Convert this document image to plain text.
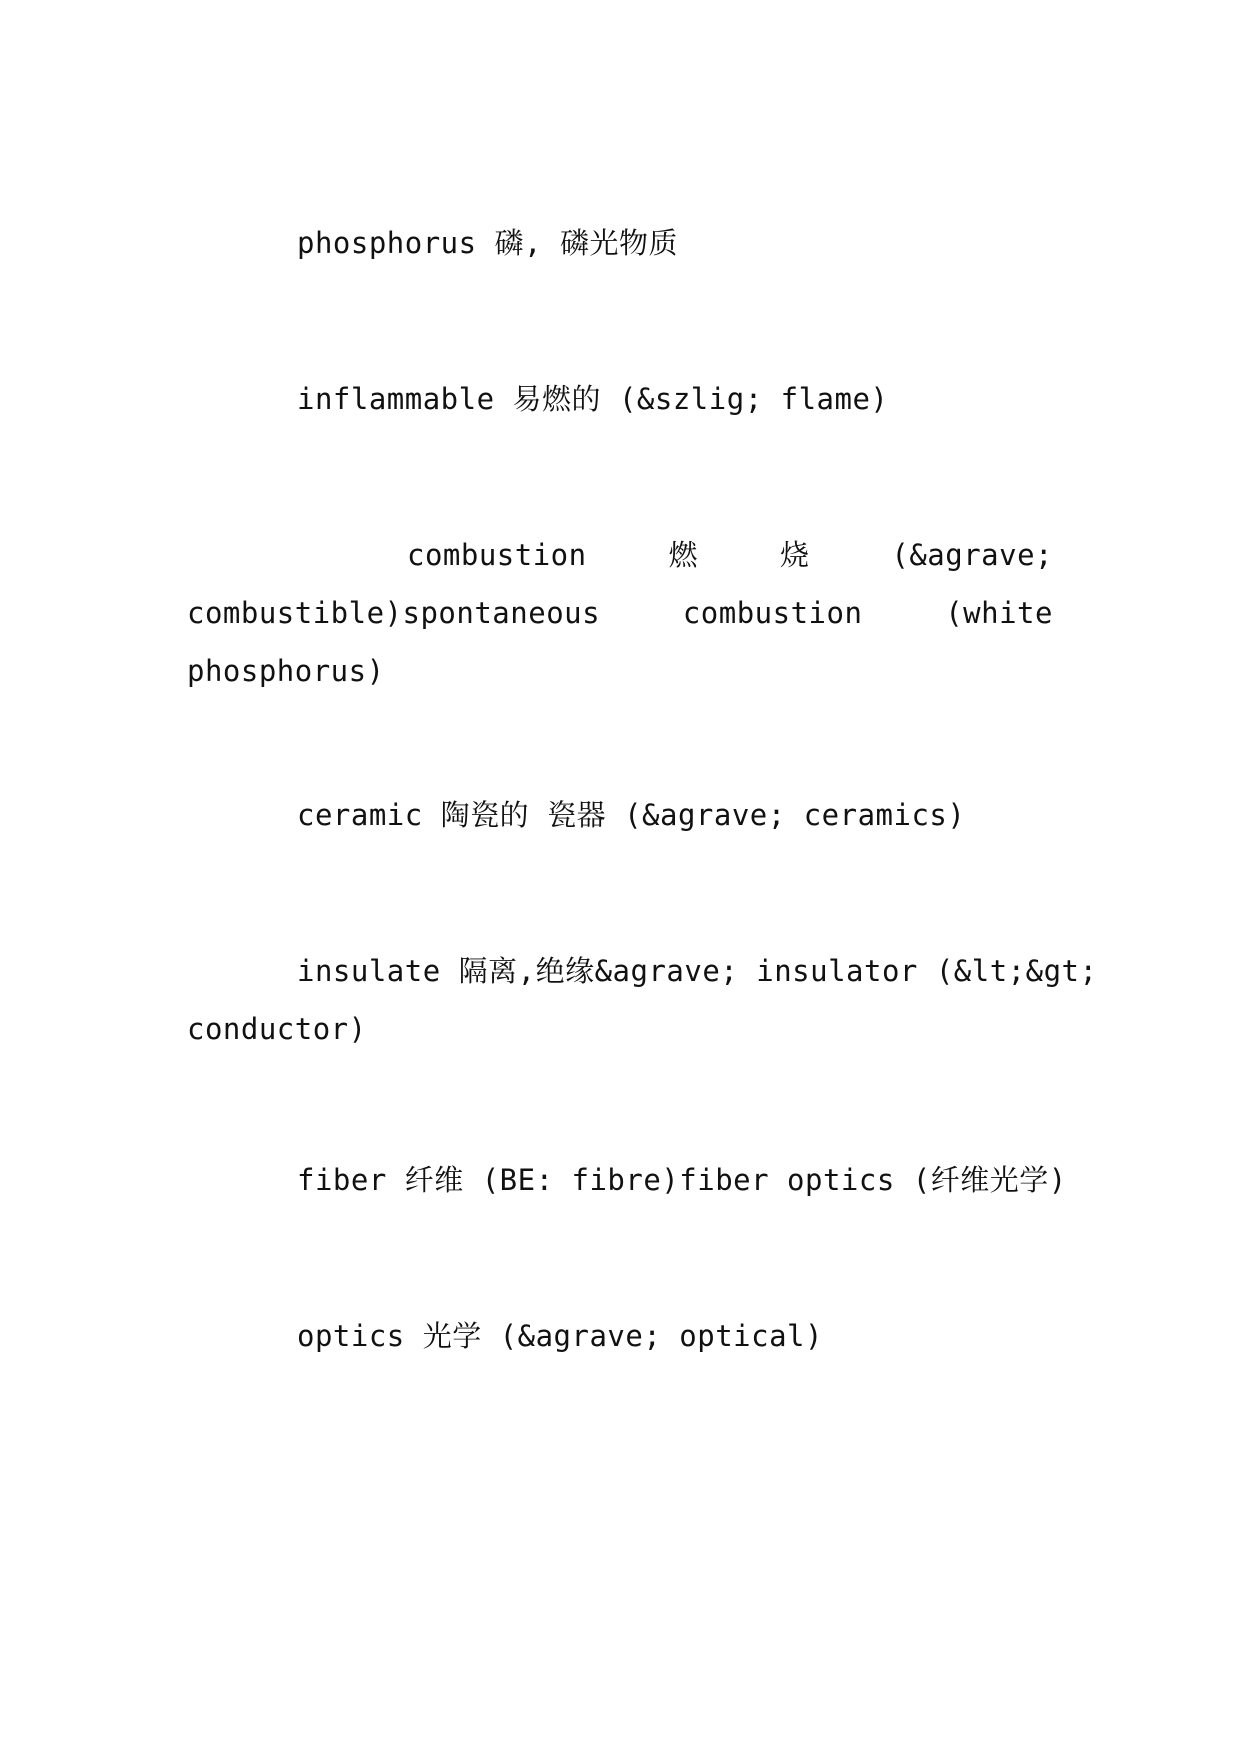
phosphorus 磷, 磷光物质
inflammable 易燃的 (&szlig; flame)
combustion	燃	烧	(&agrave;
combustible)spontaneous	combustion	(white
phosphorus)
ceramic 陶瓷的 瓷器 (&agrave; ceramics)
insulate 隔离,绝缘&agrave; insulator (&lt;&gt;
conductor)
fiber 纤维 (BE: fibre)fiber optics (纤维光学)
optics 光学 (&agrave; optical)
